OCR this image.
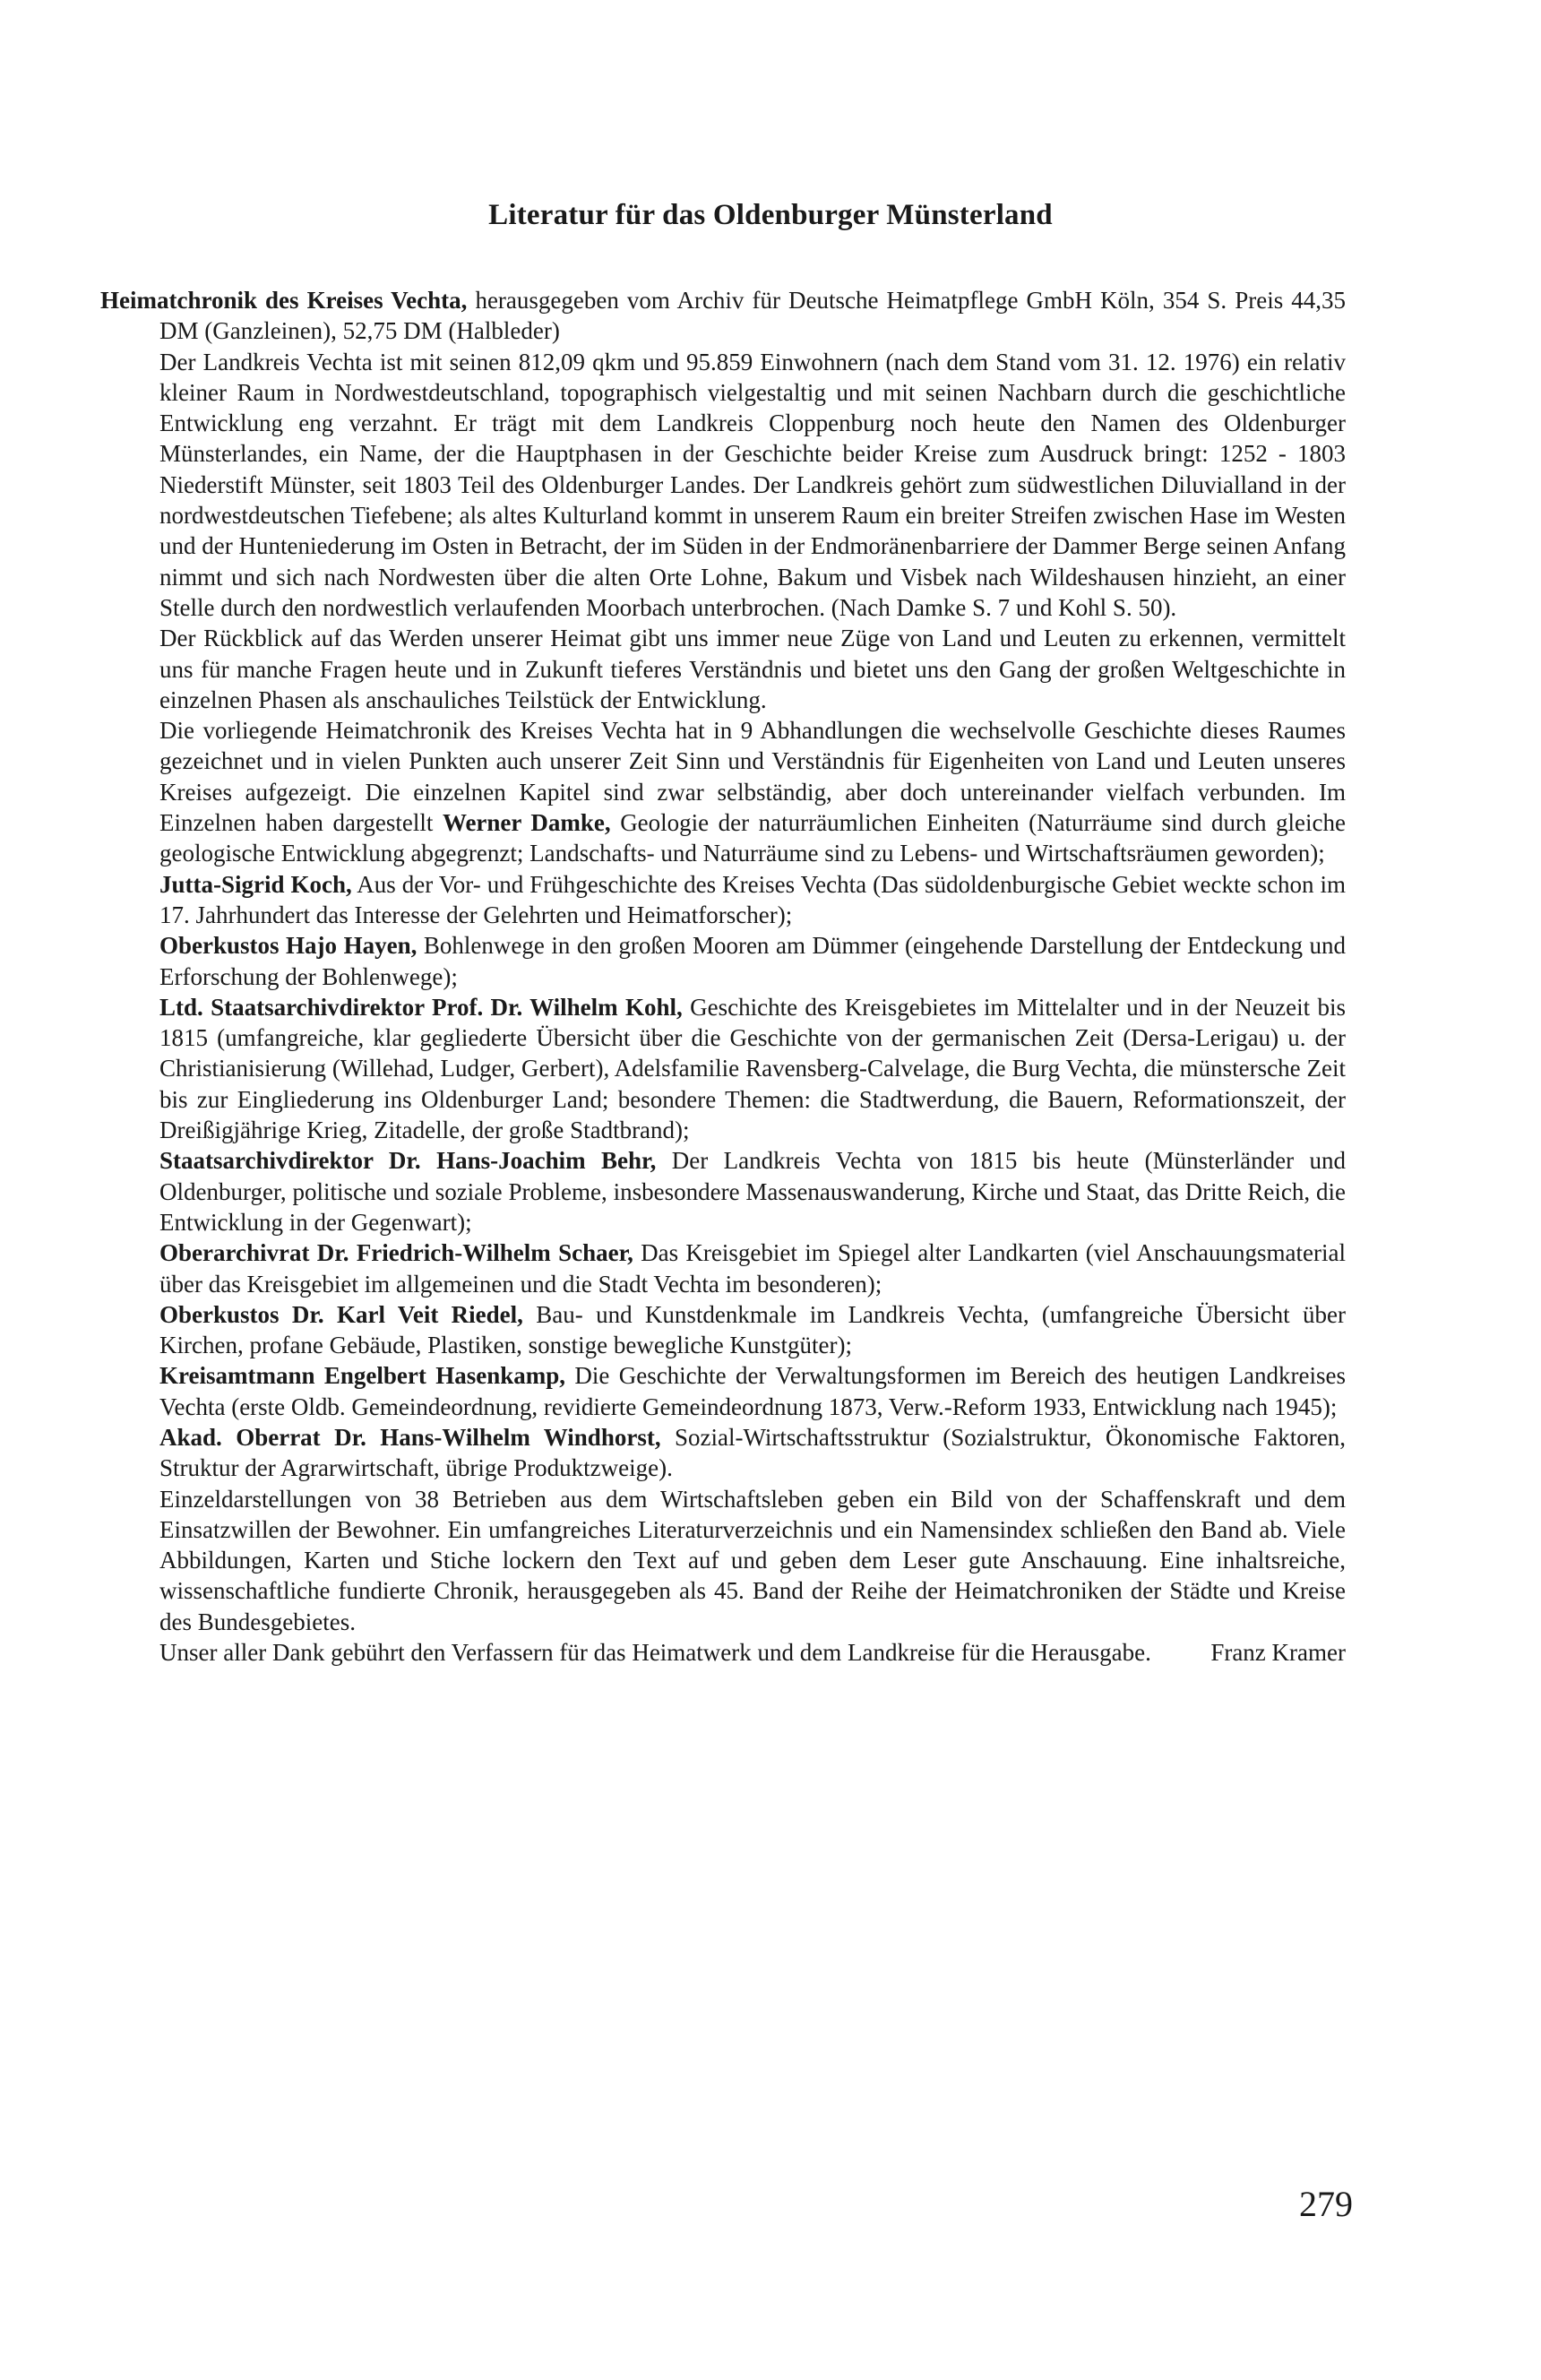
Literatur für das Oldenburger Münsterland

Heimatchronik des Kreises Vechta, herausgegeben vom Archiv für Deutsche Heimatpflege GmbH Köln, 354 S. Preis 44,35 DM (Ganzleinen), 52,75 DM (Halbleder)

Der Landkreis Vechta ist mit seinen 812,09 qkm und 95.859 Einwohnern (nach dem Stand vom 31. 12. 1976) ein relativ kleiner Raum in Nordwestdeutschland, topographisch vielgestaltig und mit seinen Nachbarn durch die geschichtliche Entwicklung eng verzahnt. Er trägt mit dem Landkreis Cloppenburg noch heute den Namen des Oldenburger Münsterlandes, ein Name, der die Hauptphasen in der Geschichte beider Kreise zum Ausdruck bringt: 1252 - 1803 Niederstift Münster, seit 1803 Teil des Oldenburger Landes. Der Landkreis gehört zum südwestlichen Diluvialland in der nordwestdeutschen Tiefebene; als altes Kulturland kommt in unserem Raum ein breiter Streifen zwischen Hase im Westen und der Hunteniederung im Osten in Betracht, der im Süden in der Endmoränenbarriere der Dammer Berge seinen Anfang nimmt und sich nach Nordwesten über die alten Orte Lohne, Bakum und Visbek nach Wildeshausen hinzieht, an einer Stelle durch den nordwestlich verlaufenden Moorbach unterbrochen. (Nach Damke S. 7 und Kohl S. 50).

Der Rückblick auf das Werden unserer Heimat gibt uns immer neue Züge von Land und Leuten zu erkennen, vermittelt uns für manche Fragen heute und in Zukunft tieferes Verständnis und bietet uns den Gang der großen Weltgeschichte in einzelnen Phasen als anschauliches Teilstück der Entwicklung.

Die vorliegende Heimatchronik des Kreises Vechta hat in 9 Abhandlungen die wechselvolle Geschichte dieses Raumes gezeichnet und in vielen Punkten auch unserer Zeit Sinn und Verständnis für Eigenheiten von Land und Leuten unseres Kreises aufgezeigt. Die einzelnen Kapitel sind zwar selbständig, aber doch untereinander vielfach verbunden. Im Einzelnen haben dargestellt Werner Damke, Geologie der naturräumlichen Einheiten (Naturräume sind durch gleiche geologische Entwicklung abgegrenzt; Landschafts- und Naturräume sind zu Lebens- und Wirtschaftsräumen geworden);

Jutta-Sigrid Koch, Aus der Vor- und Frühgeschichte des Kreises Vechta (Das südoldenburgische Gebiet weckte schon im 17. Jahrhundert das Interesse der Gelehrten und Heimatforscher);

Oberkustos Hajo Hayen, Bohlenwege in den großen Mooren am Dümmer (eingehende Darstellung der Entdeckung und Erforschung der Bohlenwege);

Ltd. Staatsarchivdirektor Prof. Dr. Wilhelm Kohl, Geschichte des Kreisgebietes im Mittelalter und in der Neuzeit bis 1815 (umfangreiche, klar gegliederte Übersicht über die Geschichte von der germanischen Zeit (Dersa-Lerigau) u. der Christianisierung (Willehad, Ludger, Gerbert), Adelsfamilie Ravensberg-Calvelage, die Burg Vechta, die münstersche Zeit bis zur Eingliederung ins Oldenburger Land; besondere Themen: die Stadtwerdung, die Bauern, Reformationszeit, der Dreißigjährige Krieg, Zitadelle, der große Stadtbrand);

Staatsarchivdirektor Dr. Hans-Joachim Behr, Der Landkreis Vechta von 1815 bis heute (Münsterländer und Oldenburger, politische und soziale Probleme, insbesondere Massenauswanderung, Kirche und Staat, das Dritte Reich, die Entwicklung in der Gegenwart);

Oberarchivrat Dr. Friedrich-Wilhelm Schaer, Das Kreisgebiet im Spiegel alter Landkarten (viel Anschauungsmaterial über das Kreisgebiet im allgemeinen und die Stadt Vechta im besonderen);

Oberkustos Dr. Karl Veit Riedel, Bau- und Kunstdenkmale im Landkreis Vechta, (umfangreiche Übersicht über Kirchen, profane Gebäude, Plastiken, sonstige bewegliche Kunstgüter);

Kreisamtmann Engelbert Hasenkamp, Die Geschichte der Verwaltungsformen im Bereich des heutigen Landkreises Vechta (erste Oldb. Gemeindeordnung, revidierte Gemeindeordnung 1873, Verw.-Reform 1933, Entwicklung nach 1945);

Akad. Oberrat Dr. Hans-Wilhelm Windhorst, Sozial-Wirtschaftsstruktur (Sozialstruktur, Ökonomische Faktoren, Struktur der Agrarwirtschaft, übrige Produktzweige).

Einzeldarstellungen von 38 Betrieben aus dem Wirtschaftsleben geben ein Bild von der Schaffenskraft und dem Einsatzwillen der Bewohner. Ein umfangreiches Literaturverzeichnis und ein Namensindex schließen den Band ab. Viele Abbildungen, Karten und Stiche lockern den Text auf und geben dem Leser gute Anschauung. Eine inhaltsreiche, wissenschaftliche fundierte Chronik, herausgegeben als 45. Band der Reihe der Heimatchroniken der Städte und Kreise des Bundesgebietes.

Unser aller Dank gebührt den Verfassern für das Heimatwerk und dem Landkreise für die Herausgabe. Franz Kramer

279
